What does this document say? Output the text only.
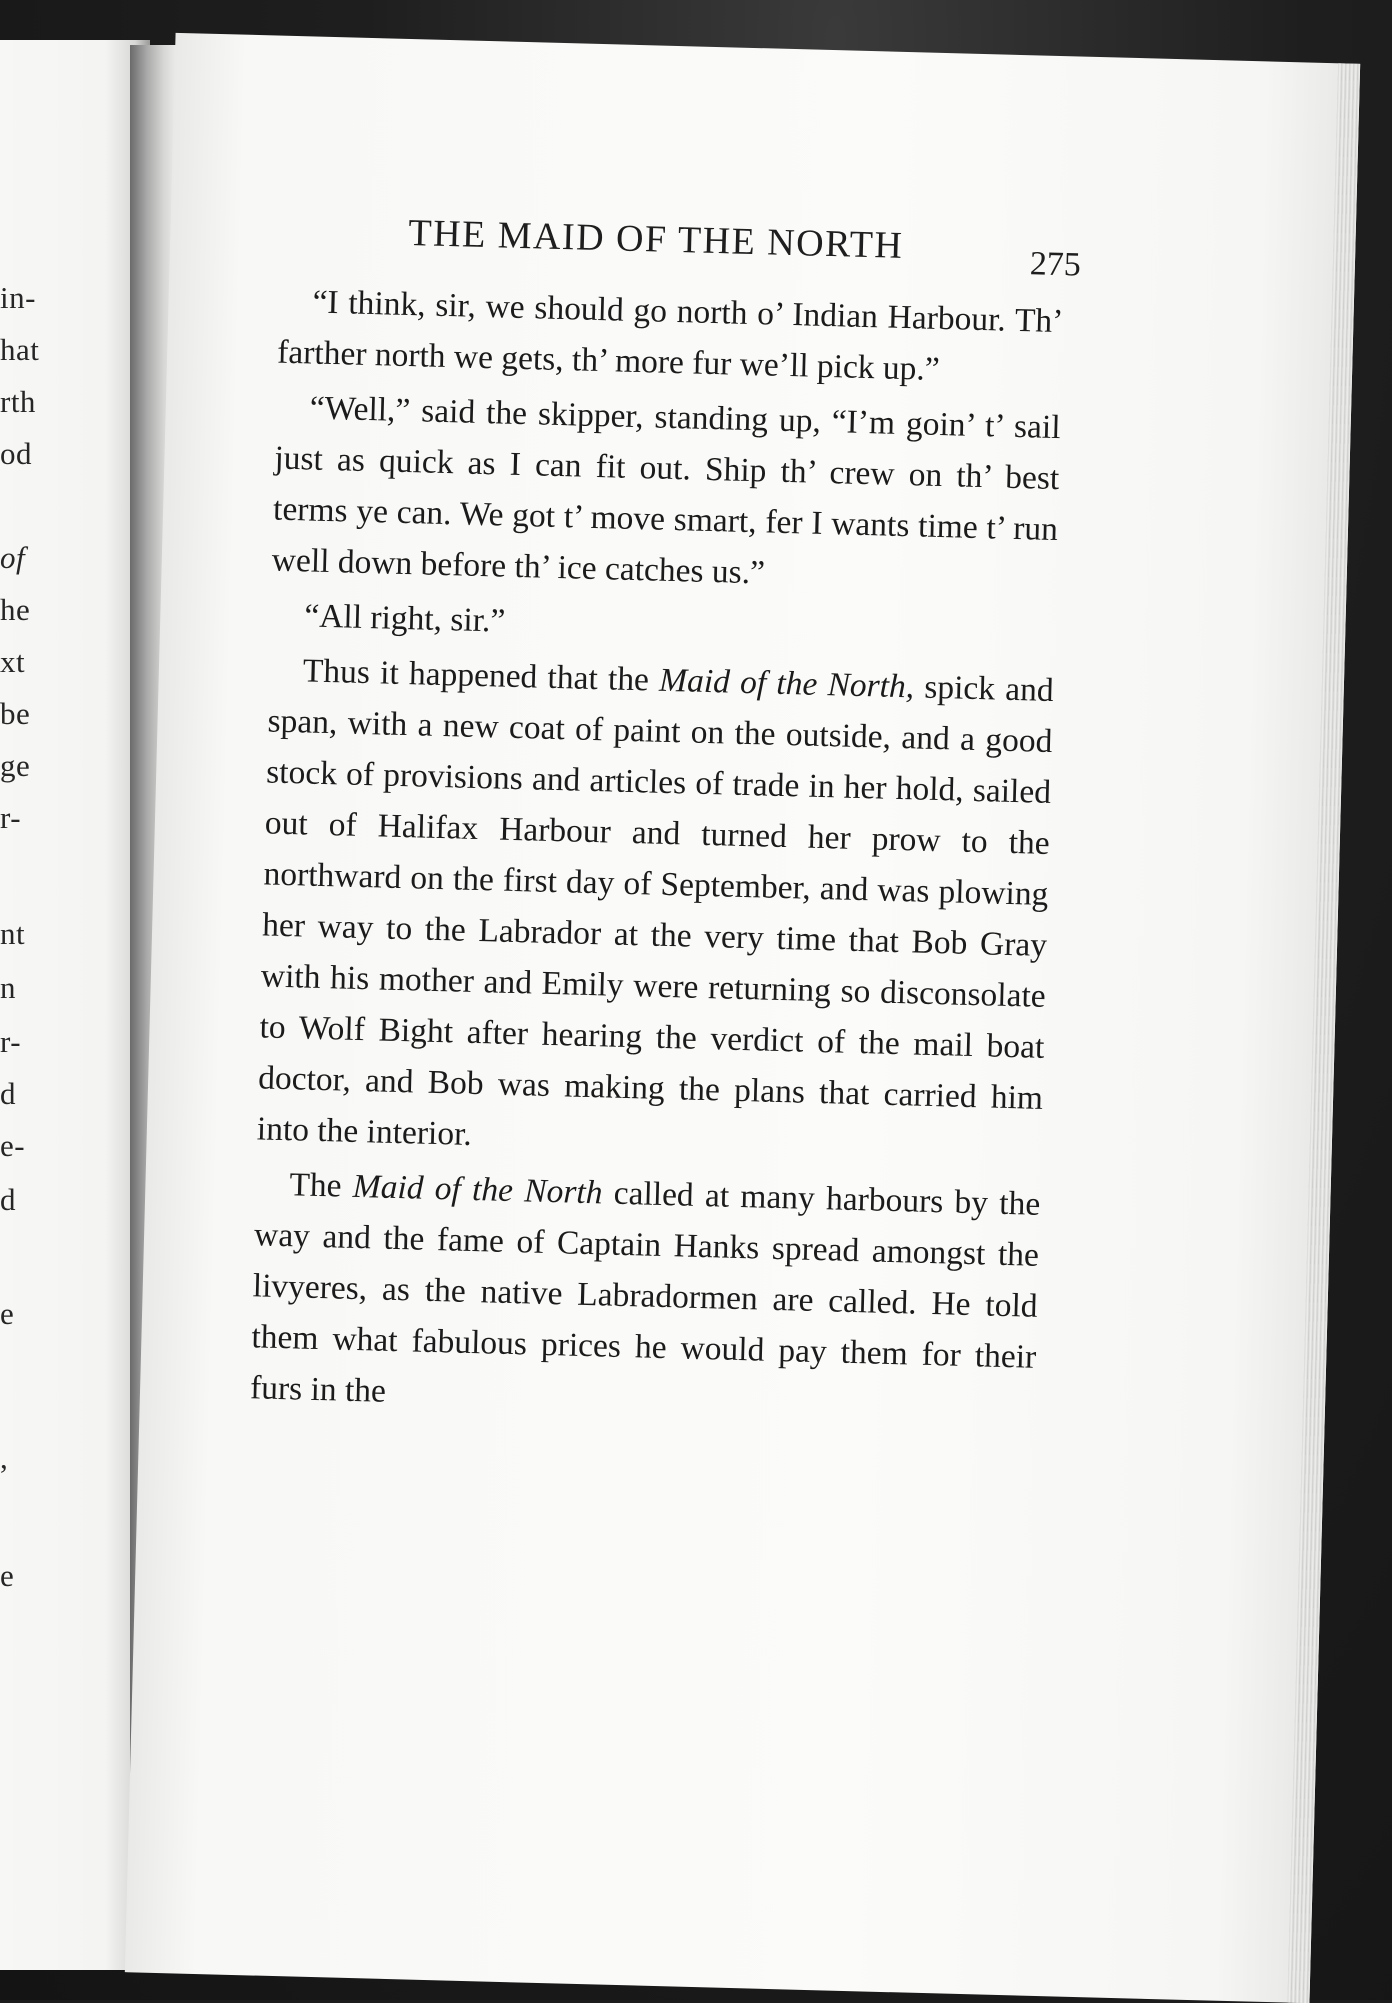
in-
hat
rth
od
of
he
xt
be
ge
r-
nt
n
r-
d
e-
d
e
,
e
THE MAID OF THE NORTH	275

“I think, sir, we should go north o’ Indian Harbour. Th’ farther north we gets, th’ more fur we’ll pick up.”

“Well,” said the skipper, standing up, “I’m goin’ t’ sail just as quick as I can fit out. Ship th’ crew on th’ best terms ye can. We got t’ move smart, fer I wants time t’ run well down before th’ ice catches us.”

“All right, sir.”

Thus it happened that the Maid of the North, spick and span, with a new coat of paint on the outside, and a good stock of provisions and articles of trade in her hold, sailed out of Halifax Harbour and turned her prow to the northward on the first day of September, and was plowing her way to the Labrador at the very time that Bob Gray with his mother and Emily were returning so disconsolate to Wolf Bight after hearing the verdict of the mail boat doctor, and Bob was making the plans that carried him into the interior.

The Maid of the North called at many harbours by the way and the fame of Captain Hanks spread amongst the livyeres, as the native Labradormen are called. He told them what fabulous prices he would pay them for their furs in the
